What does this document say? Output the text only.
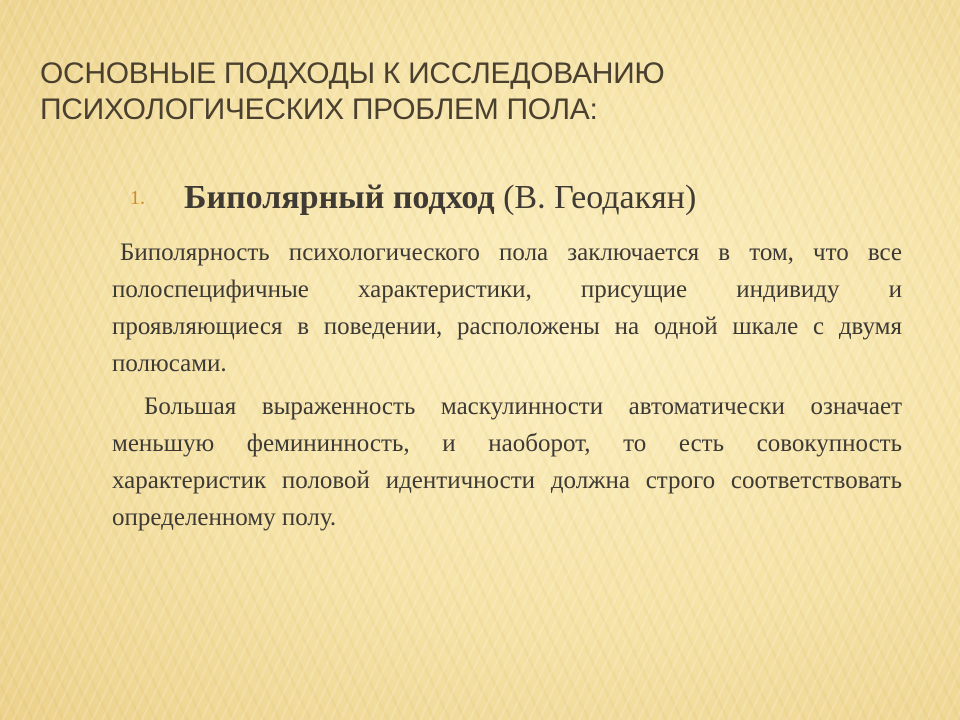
ОСНОВНЫЕ ПОДХОДЫ К ИССЛЕДОВАНИЮ ПСИХОЛОГИЧЕСКИХ ПРОБЛЕМ ПОЛА:
1. Биполярный подход (В. Геодакян)

Биполярность психологического пола заключается в том, что все полоспецифичные характеристики, присущие индивиду и проявляющиеся в поведении, расположены на одной шкале с двумя полюсами.

Большая выраженность маскулинности автоматически означает меньшую фемининность, и наоборот, то есть совокупность характеристик половой идентичности должна строго соответствовать определенному полу.
